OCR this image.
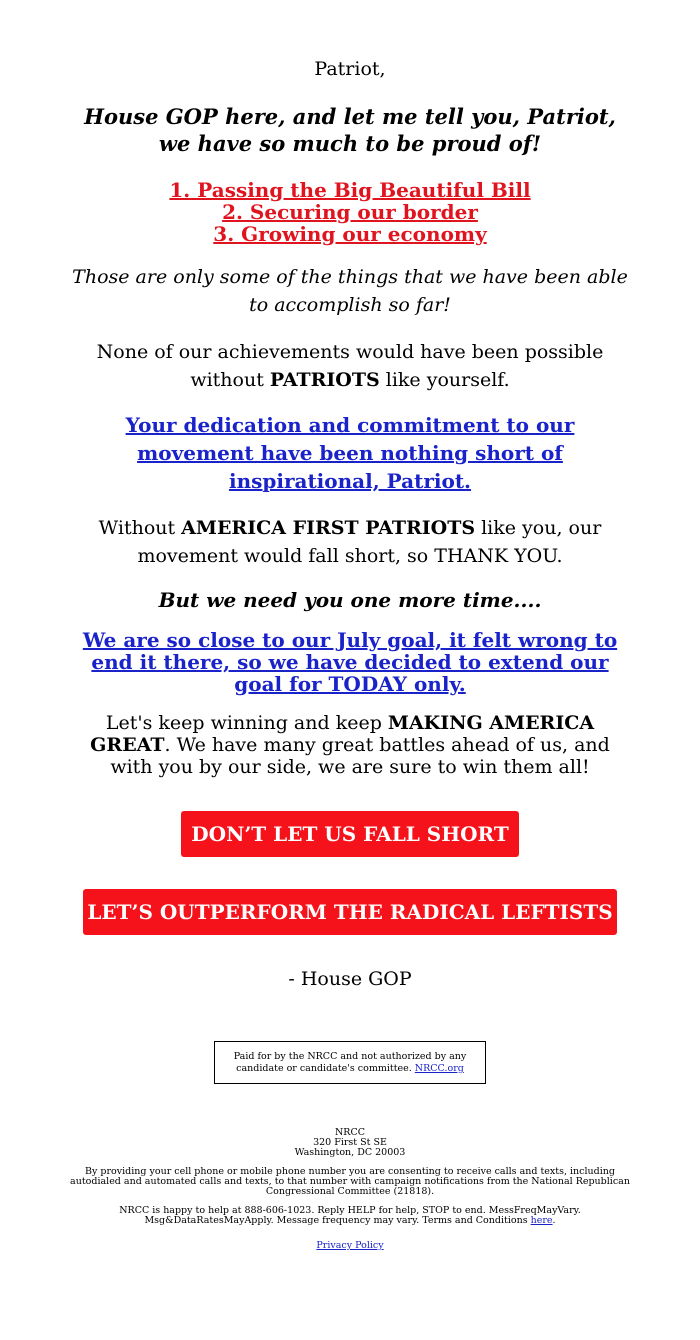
Patriot,
House GOP here, and let me tell you, Patriot,
we have so much to be proud of!
1. Passing the Big Beautiful Bill
2. Securing our border
3. Growing our economy
Those are only some of the things that we have been able to accomplish so far!
None of our achievements would have been possible without PATRIOTS like yourself.
Your dedication and commitment to our movement have been nothing short of inspirational, Patriot.
Without AMERICA FIRST PATRIOTS like you, our movement would fall short, so THANK YOU.
But we need you one more time....
We are so close to our July goal, it felt wrong to end it there, so we have decided to extend our goal for TODAY only.
Let's keep winning and keep MAKING AMERICA GREAT. We have many great battles ahead of us, and with you by our side, we are sure to win them all!
DON’T LET US FALL SHORT
LET’S OUTPERFORM THE RADICAL LEFTISTS
- House GOP
Paid for by the NRCC and not authorized by any candidate or candidate's committee. NRCC.org

NRCC

320 First St SE

Washington, DC 20003

By providing your cell phone or mobile phone number you are consenting to receive calls and texts, including autodialed and automated calls and texts, to that number with campaign notifications from the National Republican Congressional Committee (21818).

NRCC is happy to help at 888-606-1023. Reply HELP for help, STOP to end. MessFreqMayVary. Msg&DataRatesMayApply. Message frequency may vary. Terms and Conditions here.

Privacy Policy
